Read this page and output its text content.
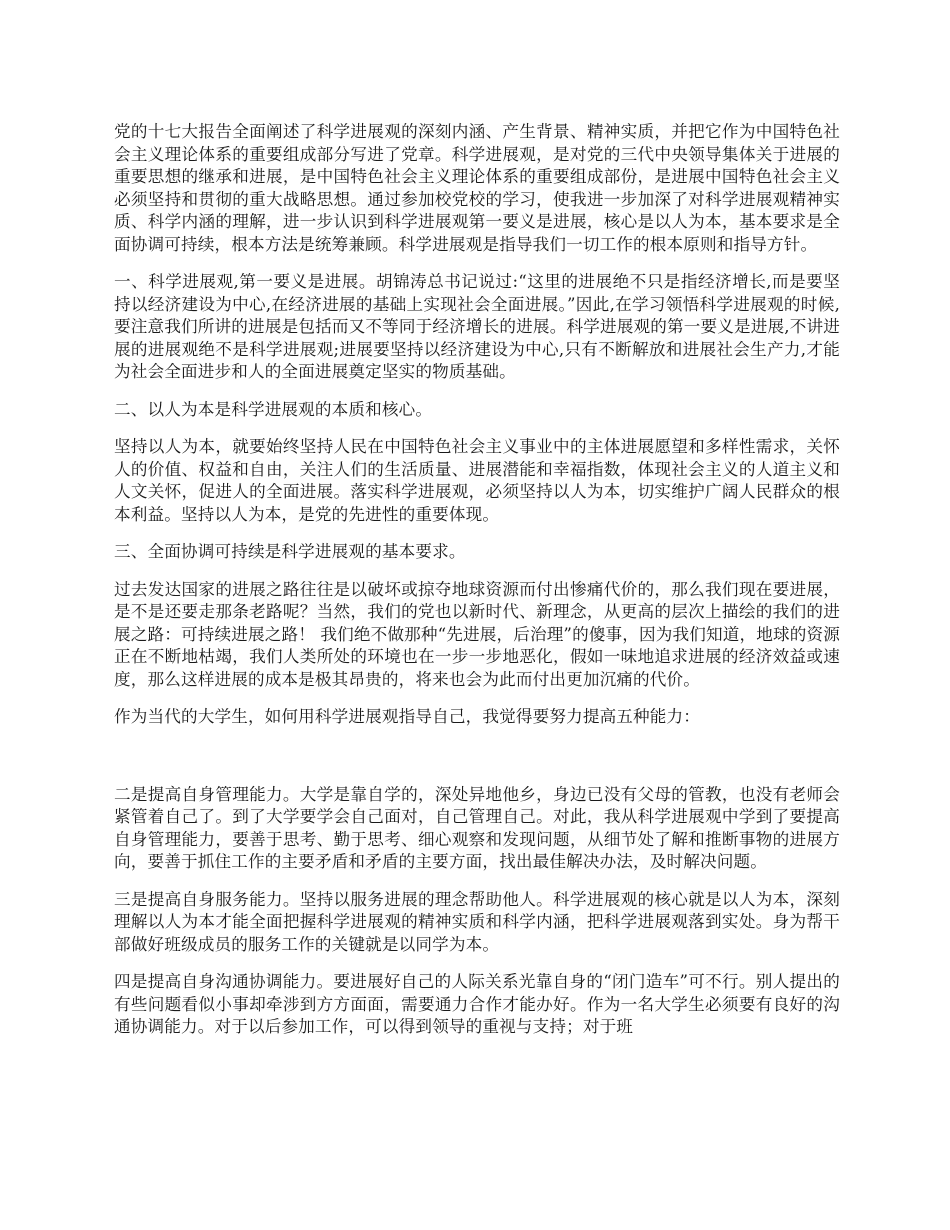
党的十七大报告全面阐述了科学进展观的深刻内涵、产生背景、精神实质，并把它作为中国特色社会主义理论体系的重要组成部分写进了党章。科学进展观，是对党的三代中央领导集体关于进展的重要思想的继承和进展，是中国特色社会主义理论体系的重要组成部份，是进展中国特色社会主义必须坚持和贯彻的重大战略思想。通过参加校党校的学习，使我进一步加深了对科学进展观精神实质、科学内涵的理解，进一步认识到科学进展观第一要义是进展，核心是以人为本，基本要求是全面协调可持续，根本方法是统筹兼顾。科学进展观是指导我们一切工作的根本原则和指导方针。

一、科学进展观,第一要义是进展。胡锦涛总书记说过:“这里的进展绝不只是指经济增长,而是要坚持以经济建设为中心,在经济进展的基础上实现社会全面进展。”因此,在学习领悟科学进展观的时候,要注意我们所讲的进展是包括而又不等同于经济增长的进展。科学进展观的第一要义是进展,不讲进展的进展观绝不是科学进展观;进展要坚持以经济建设为中心,只有不断解放和进展社会生产力,才能为社会全面进步和人的全面进展奠定坚实的物质基础。

二、以人为本是科学进展观的本质和核心。

坚持以人为本，就要始终坚持人民在中国特色社会主义事业中的主体进展愿望和多样性需求，关怀人的价值、权益和自由，关注人们的生活质量、进展潜能和幸福指数，体现社会主义的人道主义和人文关怀，促进人的全面进展。落实科学进展观，必须坚持以人为本，切实维护广阔人民群众的根本利益。坚持以人为本，是党的先进性的重要体现。

三、全面协调可持续是科学进展观的基本要求。

过去发达国家的进展之路往往是以破坏或掠夺地球资源而付出惨痛代价的，那么我们现在要进展，是不是还要走那条老路呢？当然，我们的党也以新时代、新理念，从更高的层次上描绘的我们的进展之路：可持续进展之路！ 我们绝不做那种“先进展，后治理”的傻事，因为我们知道，地球的资源正在不断地枯竭，我们人类所处的环境也在一步一步地恶化，假如一味地追求进展的经济效益或速度，那么这样进展的成本是极其昂贵的，将来也会为此而付出更加沉痛的代价。

作为当代的大学生，如何用科学进展观指导自己，我觉得要努力提高五种能力：

二是提高自身管理能力。大学是靠自学的，深处异地他乡，身边已没有父母的管教，也没有老师会紧管着自己了。到了大学要学会自己面对，自己管理自己。对此，我从科学进展观中学到了要提高自身管理能力，要善于思考、勤于思考、细心观察和发现问题，从细节处了解和推断事物的进展方向，要善于抓住工作的主要矛盾和矛盾的主要方面，找出最佳解决办法，及时解决问题。

三是提高自身服务能力。坚持以服务进展的理念帮助他人。科学进展观的核心就是以人为本，深刻理解以人为本才能全面把握科学进展观的精神实质和科学内涵，把科学进展观落到实处。身为帮干部做好班级成员的服务工作的关键就是以同学为本。

四是提高自身沟通协调能力。要进展好自己的人际关系光靠自身的“闭门造车”可不行。别人提出的有些问题看似小事却牵涉到方方面面，需要通力合作才能办好。作为一名大学生必须要有良好的沟通协调能力。对于以后参加工作，可以得到领导的重视与支持；对于班
